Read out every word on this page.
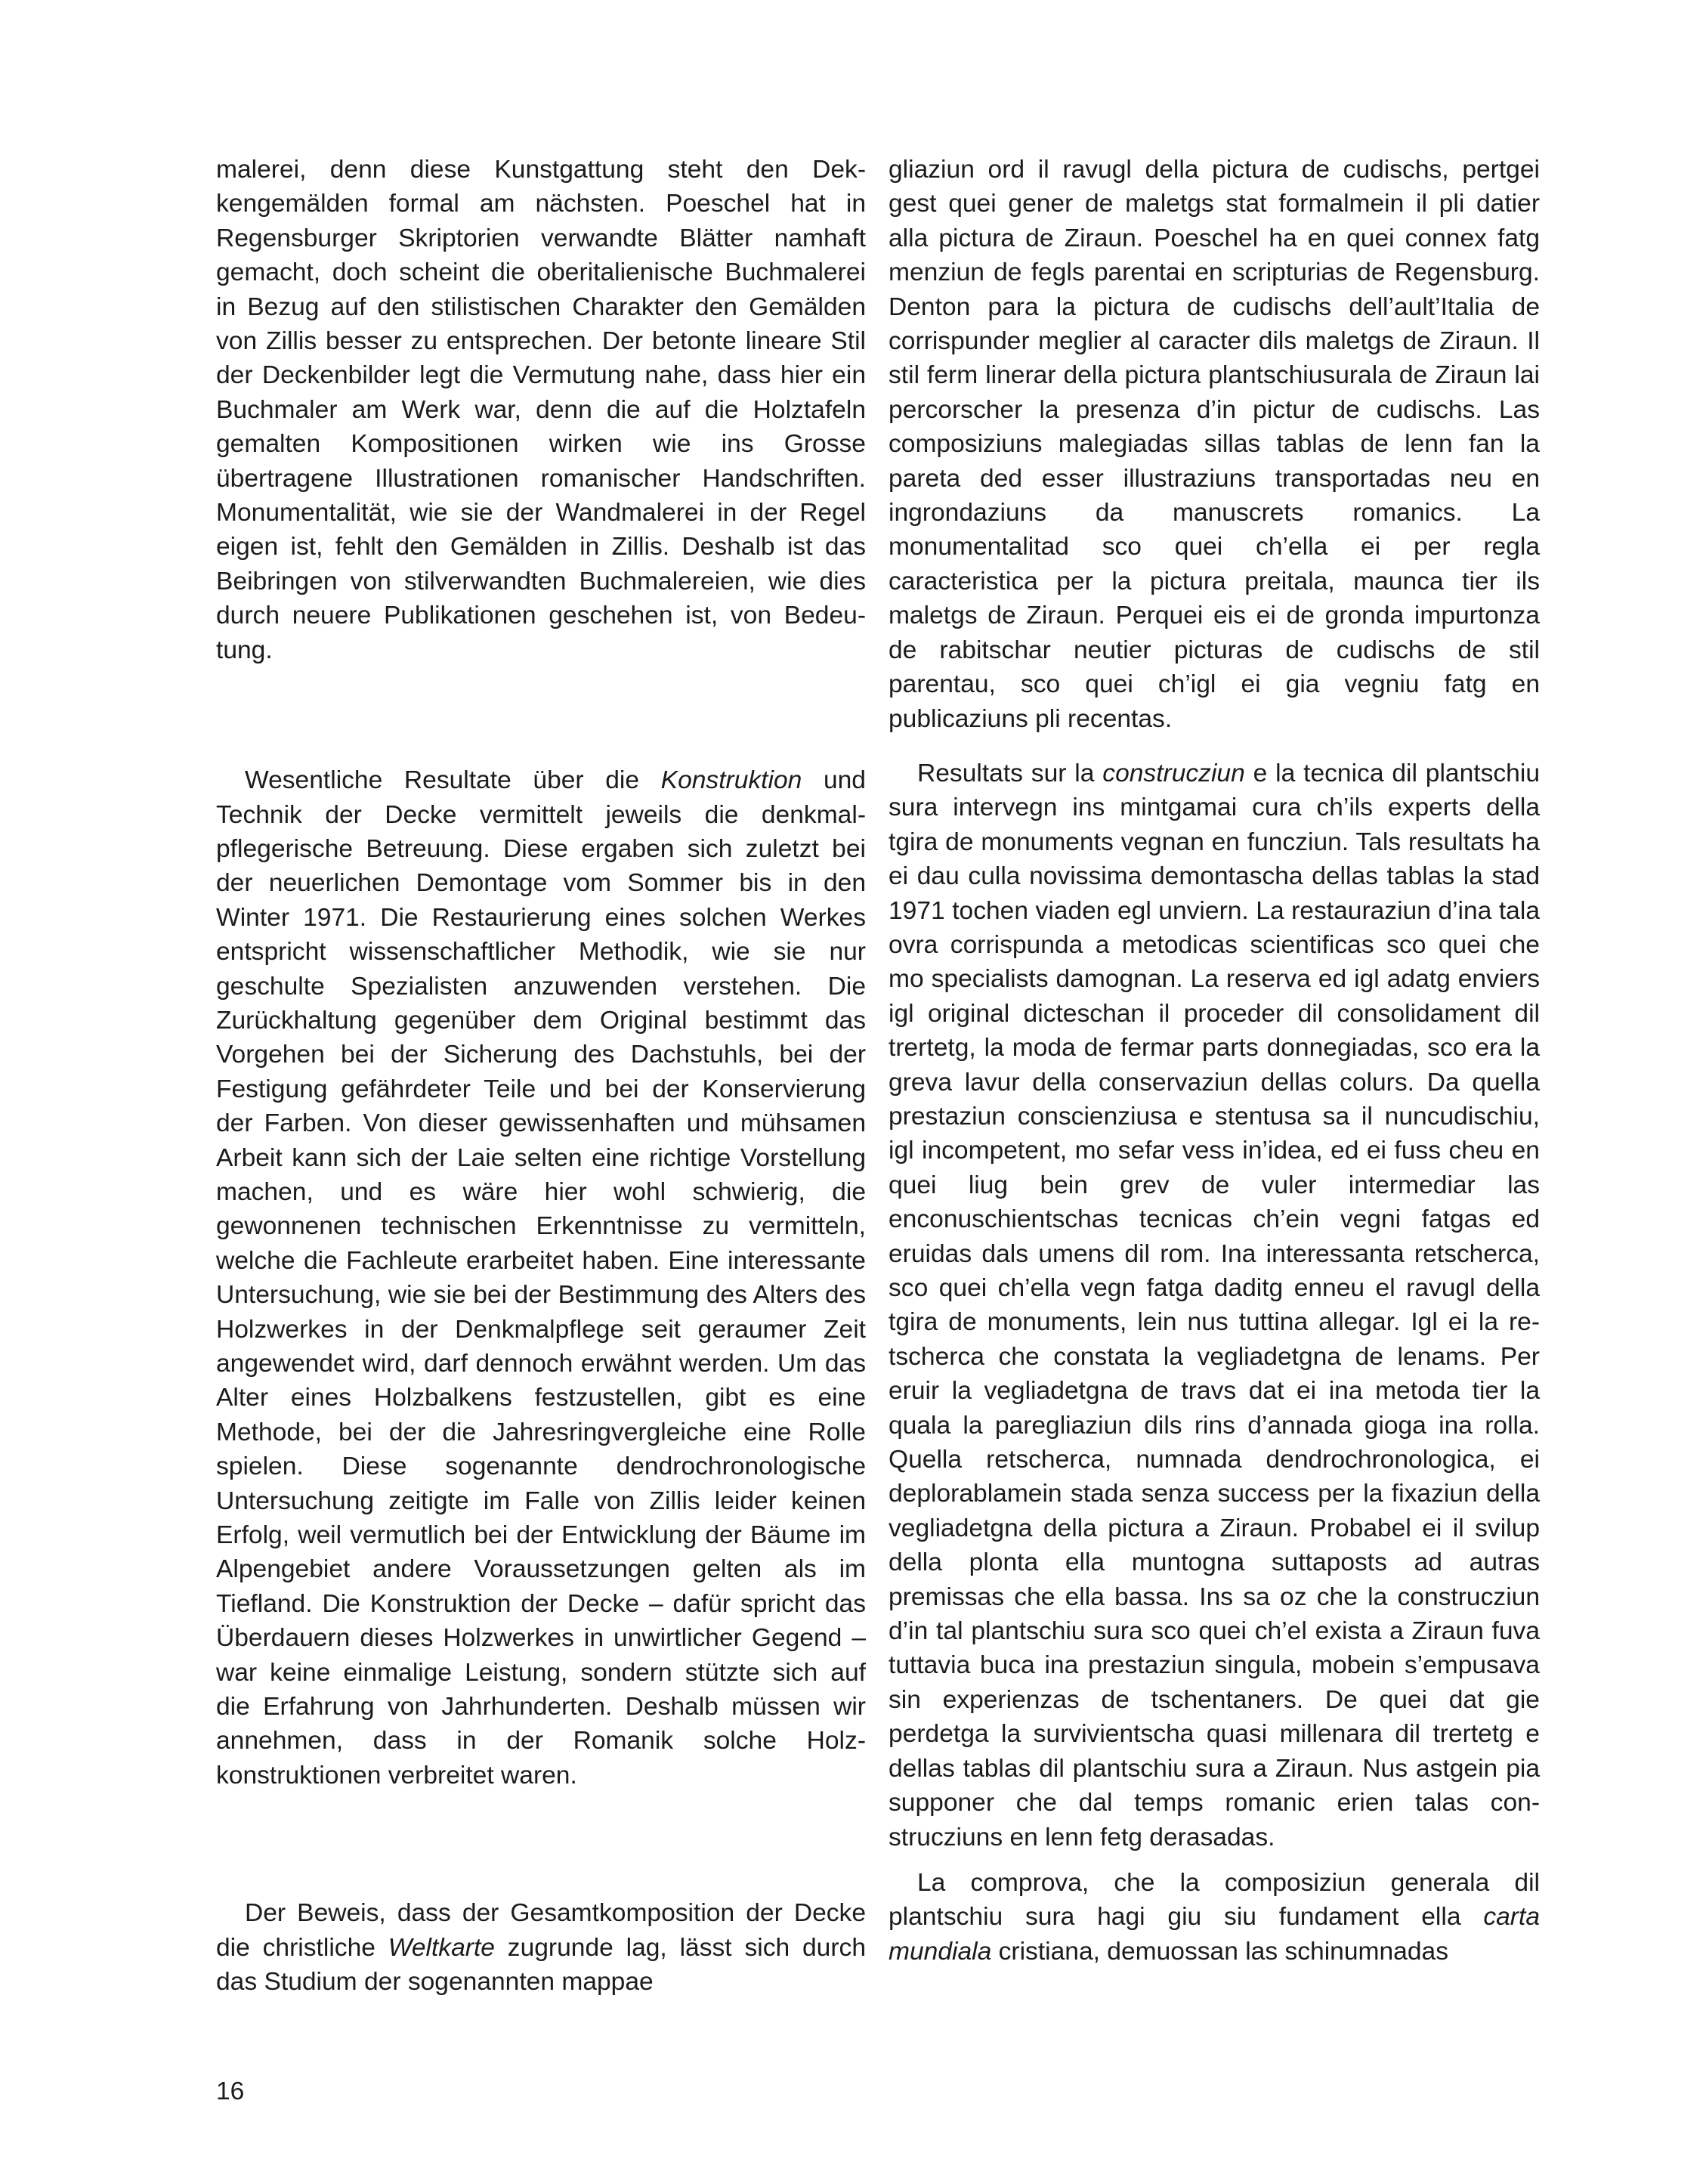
malerei, denn diese Kunstgattung steht den Dekkengemälden formal am nächsten. Poeschel hat in Regensburger Skriptorien verwandte Blätter namhaft gemacht, doch scheint die oberitalienische Buchmalerei in Bezug auf den stilistischen Charakter den Gemälden von Zillis besser zu entsprechen. Der betonte lineare Stil der Deckenbilder legt die Vermutung nahe, dass hier ein Buchmaler am Werk war, denn die auf die Holztafeln gemalten Kompositionen wirken wie ins Grosse übertragene Illustrationen romanischer Handschriften. Monumentalität, wie sie der Wandmalerei in der Regel eigen ist, fehlt den Gemälden in Zillis. Deshalb ist das Beibringen von stilverwandten Buchmalereien, wie dies durch neuere Publikationen geschehen ist, von Bedeutung.

Wesentliche Resultate über die Konstruktion und Technik der Decke vermittelt jeweils die denkmalpflegerische Betreuung. Diese ergaben sich zuletzt bei der neuerlichen Demontage vom Sommer bis in den Winter 1971. Die Restaurierung eines solchen Werkes entspricht wissenschaftlicher Methodik, wie sie nur geschulte Spezialisten anzuwenden verstehen. Die Zurückhaltung gegenüber dem Original bestimmt das Vorgehen bei der Sicherung des Dachstuhls, bei der Festigung gefährdeter Teile und bei der Konservierung der Farben. Von dieser gewissenhaften und mühsamen Arbeit kann sich der Laie selten eine richtige Vorstellung machen, und es wäre hier wohl schwierig, die gewonnenen technischen Erkenntnisse zu vermitteln, welche die Fachleute erarbeitet haben. Eine interessante Untersuchung, wie sie bei der Bestimmung des Alters des Holzwerkes in der Denkmalpflege seit geraumer Zeit angewendet wird, darf dennoch erwähnt werden. Um das Alter eines Holzbalkens festzustellen, gibt es eine Methode, bei der die Jahresringvergleiche eine Rolle spielen. Diese sogenannte dendrochronologische Untersuchung zeitigte im Falle von Zillis leider keinen Erfolg, weil vermutlich bei der Entwicklung der Bäume im Alpengebiet andere Voraussetzungen gelten als im Tiefland. Die Konstruktion der Decke – dafür spricht das Überdauern dieses Holzwerkes in unwirtlicher Gegend – war keine einmalige Leistung, sondern stützte sich auf die Erfahrung von Jahrhunderten. Deshalb müssen wir annehmen, dass in der Romanik solche Holzkonstruktionen verbreitet waren.

Der Beweis, dass der Gesamtkomposition der Decke die christliche Weltkarte zugrunde lag, lässt sich durch das Studium der sogenannten mappae

gliaziun ord il ravugl della pictura de cudischs, pertgei gest quei gener de maletgs stat formalmein il pli datier alla pictura de Ziraun. Poeschel ha en quei connex fatg menziun de fegls parentai en scripturias de Regensburg. Denton para la pictura de cudischs dell’ault’Italia de corrispunder meglier al caracter dils maletgs de Ziraun. Il stil ferm linerar della pictura plantschiusurala de Ziraun lai percorscher la presenza d’in pictur de cudischs. Las composiziuns malegiadas sillas tablas de lenn fan la pareta ded esser illustraziuns transportadas neu en ingrondaziuns da manuscrets romanics. La monumentalitad sco quei ch’ella ei per regla caracteristica per la pictura preitala, maunca tier ils maletgs de Ziraun. Perquei eis ei de gronda impurtonza de rabitschar neutier picturas de cudischs de stil parentau, sco quei ch’igl ei gia vegniu fatg en publicaziuns pli recentas.

Resultats sur la construcziun e la tecnica dil plantschiu sura intervegn ins mintgamai cura ch’ils experts della tgira de monuments vegnan en funcziun. Tals resultats ha ei dau culla novissima demontascha dellas tablas la stad 1971 tochen viaden egl unviern. La restauraziun d’ina tala ovra corrispunda a metodicas scientificas sco quei che mo specialists damognan. La reserva ed igl adatg enviers igl original dicteschan il proceder dil consolidament dil trertetg, la moda de fermar parts donnegiadas, sco era la greva lavur della conservaziun dellas colurs. Da quella prestaziun conscienziusa e stentusa sa il nuncudischiu, igl incompetent, mo sefar vess in’idea, ed ei fuss cheu en quei liug bein grev de vuler intermediar las enconuschientschas tecnicas ch’ein vegni fatgas ed eruidas dals umens dil rom. Ina interessanta retscherca, sco quei ch’ella vegn fatga daditg enneu el ravugl della tgira de monuments, lein nus tuttina allegar. Igl ei la retscherca che constata la vegliadetgna de lenams. Per eruir la vegliadetgna de travs dat ei ina metoda tier la quala la paregliaziun dils rins d’annada gioga ina rolla. Quella retscherca, numnada dendrochronologica, ei deplorablamein stada senza success per la fixaziun della vegliadetgna della pictura a Ziraun. Probabel ei il svilup della plonta ella muntogna suttaposts ad autras premissas che ella bassa. Ins sa oz che la construcziun d’in tal plantschiu sura sco quei ch’el exista a Ziraun fuva tuttavia buca ina prestaziun singula, mobein s’empusava sin experienzas de tschentaners. De quei dat gie perdetga la survivientscha quasi millenara dil trertetg e dellas tablas dil plantschiu sura a Ziraun. Nus astgein pia supponer che dal temps romanic erien talas construcziuns en lenn fetg derasadas.

La comprova, che la composiziun generala dil plantschiu sura hagi giu siu fundament ella carta mundiala cristiana, demuossan las schinumnadas

16
